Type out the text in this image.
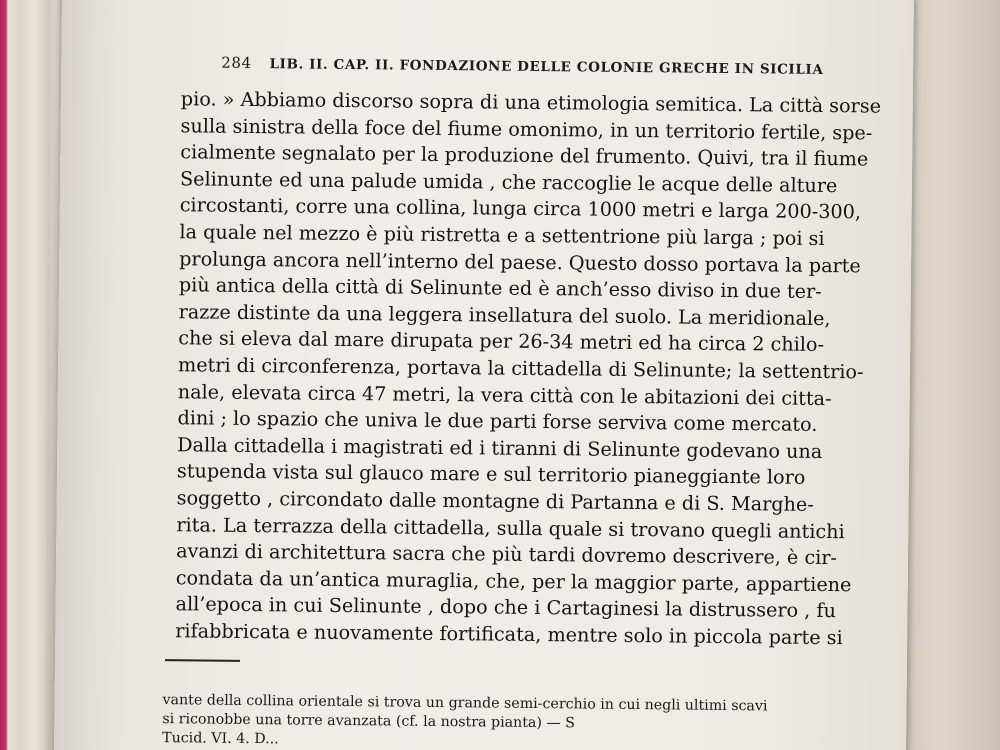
284 LIB. II. CAP. II. FONDAZIONE DELLE COLONIE GRECHE IN SICILIA
pio. » Abbiamo discorso sopra di una etimologia semitica. La città sorse
sulla sinistra della foce del fiume omonimo, in un territorio fertile, spe-
cialmente segnalato per la produzione del frumento. Quivi, tra il fiume
Selinunte ed una palude umida , che raccoglie le acque delle alture
circostanti, corre una collina, lunga circa 1000 metri e larga 200-300,
la quale nel mezzo è più ristretta e a settentrione più larga ; poi si
prolunga ancora nell’interno del paese. Questo dosso portava la parte
più antica della città di Selinunte ed è anch’esso diviso in due ter-
razze distinte da una leggera insellatura del suolo. La meridionale,
che si eleva dal mare dirupata per 26-34 metri ed ha circa 2 chilo-
metri di circonferenza, portava la cittadella di Selinunte; la settentrio-
nale, elevata circa 47 metri, la vera città con le abitazioni dei citta-
dini ; lo spazio che univa le due parti forse serviva come mercato.
Dalla cittadella i magistrati ed i tiranni di Selinunte godevano una
stupenda vista sul glauco mare e sul territorio pianeggiante loro
soggetto , circondato dalle montagne di Partanna e di S. Marghe-
rita. La terrazza della cittadella, sulla quale si trovano quegli antichi
avanzi di architettura sacra che più tardi dovremo descrivere, è cir-
condata da un’antica muraglia, che, per la maggior parte, appartiene
all’epoca in cui Selinunte , dopo che i Cartaginesi la distrussero , fu
rifabbricata e nuovamente fortificata, mentre solo in piccola parte si
vante della collina orientale si trova un grande semi-cerchio in cui negli ultimi scavi
si riconobbe una torre avanzata (cf. la nostra pianta) — S
Tucid. VI. 4. D...
